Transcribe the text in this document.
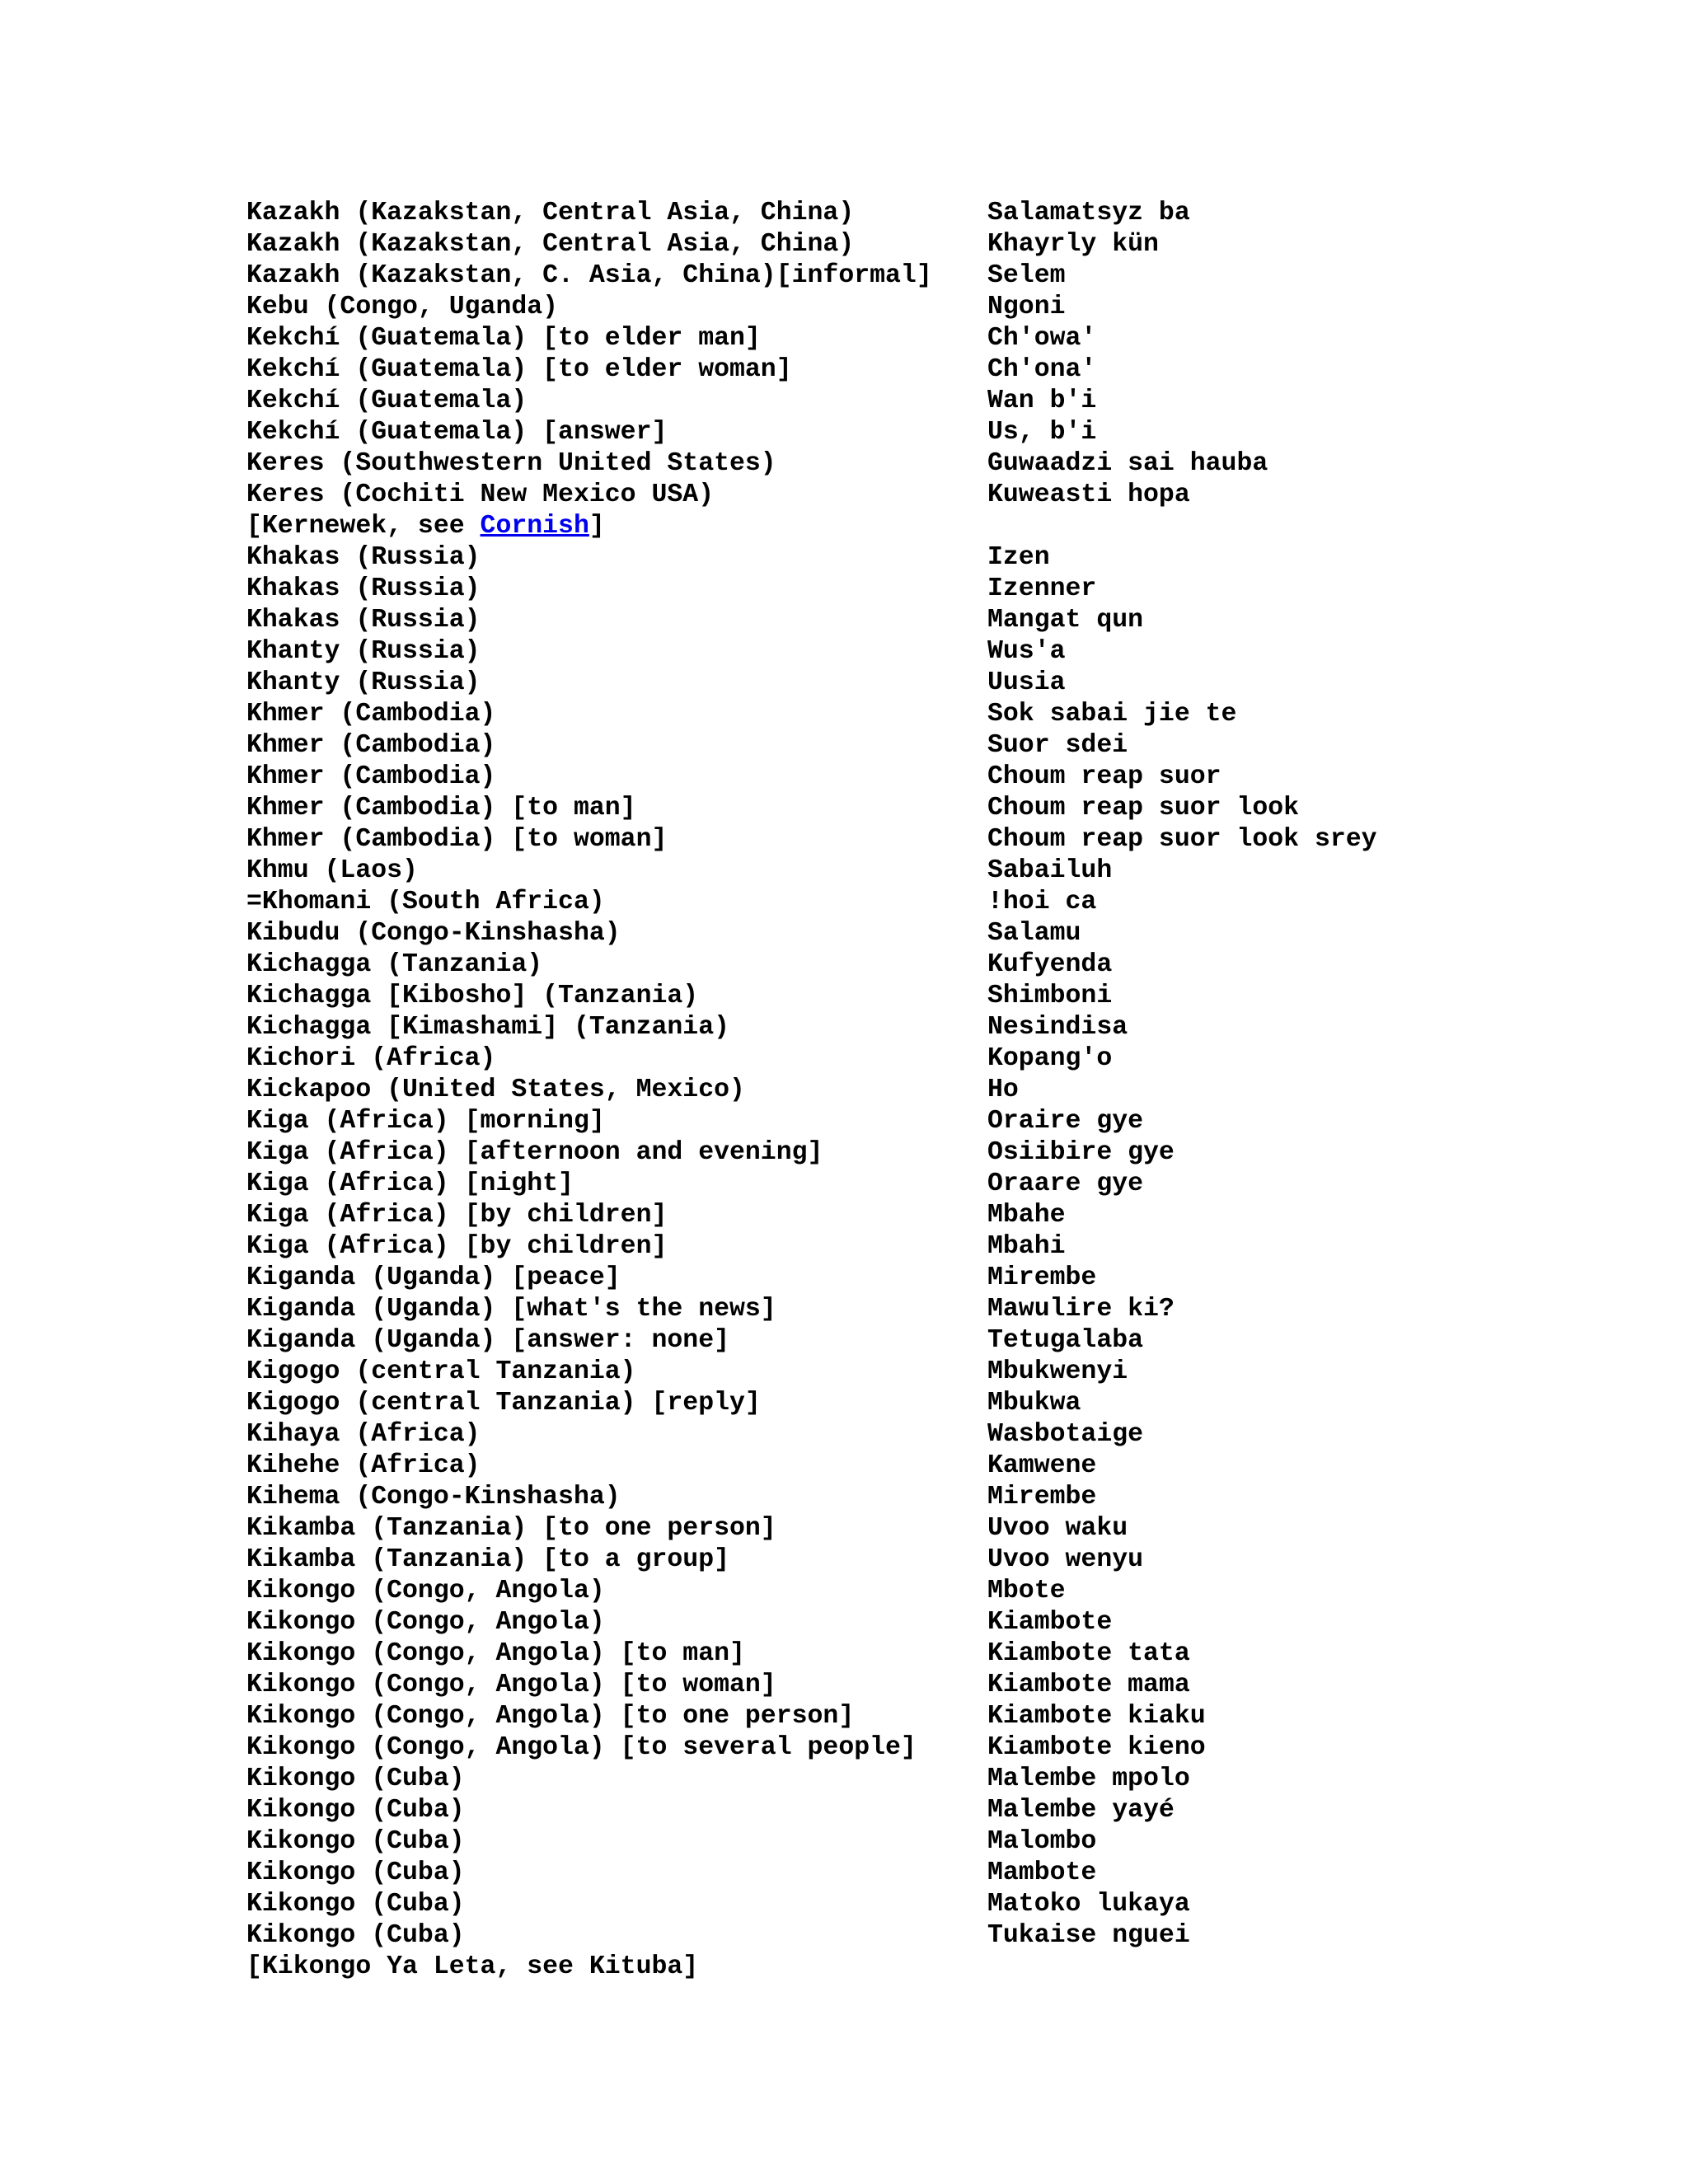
Kazakh (Kazakstan, Central Asia, China)	Salamatsyz ba
Kazakh (Kazakstan, Central Asia, China)	Khayrly kün
Kazakh (Kazakstan, C. Asia, China)[informal]	Selem
Kebu (Congo, Uganda)	Ngoni
Kekchí (Guatemala) [to elder man]	Ch'owa'
Kekchí (Guatemala) [to elder woman]	Ch'ona'
Kekchí (Guatemala)	Wan b'i
Kekchí (Guatemala) [answer]	Us, b'i
Keres (Southwestern United States)	Guwaadzi sai hauba
Keres (Cochiti New Mexico USA)	Kuweasti hopa
[Kernewek, see Cornish]
Khakas (Russia)	Izen
Khakas (Russia)	Izenner
Khakas (Russia)	Mangat qun
Khanty (Russia)	Wus'a
Khanty (Russia)	Uusia
Khmer (Cambodia)	Sok sabai jie te
Khmer (Cambodia)	Suor sdei
Khmer (Cambodia)	Choum reap suor
Khmer (Cambodia) [to man]	Choum reap suor look
Khmer (Cambodia) [to woman]	Choum reap suor look srey
Khmu (Laos)	Sabailuh
=Khomani (South Africa)	!hoi ca
Kibudu (Congo-Kinshasha)	Salamu
Kichagga (Tanzania)	Kufyenda
Kichagga [Kibosho] (Tanzania)	Shimboni
Kichagga [Kimashami] (Tanzania)	Nesindisa
Kichori (Africa)	Kopang'o
Kickapoo (United States, Mexico)	Ho
Kiga (Africa) [morning]	Oraire gye
Kiga (Africa) [afternoon and evening]	Osiibire gye
Kiga (Africa) [night]	Oraare gye
Kiga (Africa) [by children]	Mbahe
Kiga (Africa) [by children]	Mbahi
Kiganda (Uganda) [peace]	Mirembe
Kiganda (Uganda) [what's the news]	Mawulire ki?
Kiganda (Uganda) [answer: none]	Tetugalaba
Kigogo (central Tanzania)	Mbukwenyi
Kigogo (central Tanzania) [reply]	Mbukwa
Kihaya (Africa)	Wasbotaige
Kihehe (Africa)	Kamwene
Kihema (Congo-Kinshasha)	Mirembe
Kikamba (Tanzania) [to one person]	Uvoo waku
Kikamba (Tanzania) [to a group]	Uvoo wenyu
Kikongo (Congo, Angola)	Mbote
Kikongo (Congo, Angola)	Kiambote
Kikongo (Congo, Angola) [to man]	Kiambote tata
Kikongo (Congo, Angola) [to woman]	Kiambote mama
Kikongo (Congo, Angola) [to one person]	Kiambote kiaku
Kikongo (Congo, Angola) [to several people]	Kiambote kieno
Kikongo (Cuba)	Malembe mpolo
Kikongo (Cuba)	Malembe yayé
Kikongo (Cuba)	Malombo
Kikongo (Cuba)	Mambote
Kikongo (Cuba)	Matoko lukaya
Kikongo (Cuba)	Tukaise nguei
[Kikongo Ya Leta, see Kituba]
